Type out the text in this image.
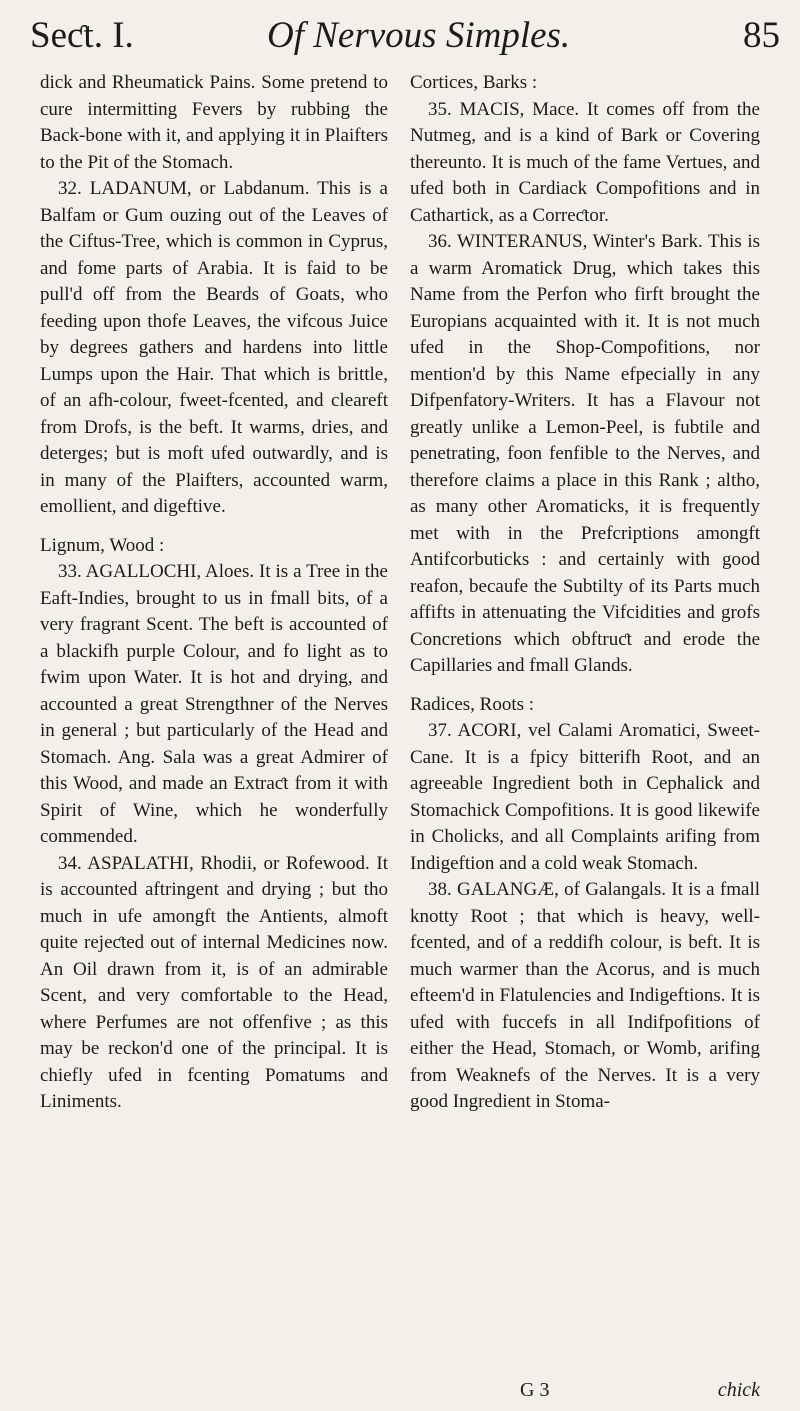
Seƈt. I.	Of Nervous Simples.	85

dick and Rheumatick Pains. Some pretend to cure intermitting Fevers by rubbing the Back-bone with it, and applying it in Plaifters to the Pit of the Stomach.

32. LADANUM, or Labdanum. This is a Balfam or Gum ouzing out of the Leaves of the Ciftus-Tree, which is common in Cyprus, and fome parts of Arabia. It is faid to be pull'd off from the Beards of Goats, who feeding upon thofe Leaves, the vifcous Juice by degrees gathers and hardens into little Lumps upon the Hair. That which is brittle, of an afh-colour, fweet-fcented, and cleareft from Drofs, is the beft. It warms, dries, and deterges; but is moft ufed outwardly, and is in many of the Plaifters, accounted warm, emollient, and digeftive.

Lignum, Wood :

33. AGALLOCHI, Aloes. It is a Tree in the Eaft-Indies, brought to us in fmall bits, of a very fragrant Scent. The beft is accounted of a blackifh purple Colour, and fo light as to fwim upon Water. It is hot and drying, and accounted a great Strengthner of the Nerves in general ; but particularly of the Head and Stomach. Ang. Sala was a great Admirer of this Wood, and made an Extraƈt from it with Spirit of Wine, which he wonderfully commended.

34. ASPALATHI, Rhodii, or Rofewood. It is accounted aftringent and drying ; but tho much in ufe amongft the Antients, almoft quite rejeƈted out of internal Medicines now. An Oil drawn from it, is of an admirable Scent, and very comfortable to the Head, where Perfumes are not offenfive ; as this may be reckon'd one of the principal. It is chiefly ufed in fcenting Pomatums and Liniments.

Cortices, Barks :

35. MACIS, Mace. It comes off from the Nutmeg, and is a kind of Bark or Covering thereunto. It is much of the fame Vertues, and ufed both in Cardiack Compofitions and in Cathartick, as a Correƈtor.

36. WINTERANUS, Winter's Bark. This is a warm Aromatick Drug, which takes this Name from the Perfon who firft brought the Europians acquainted with it. It is not much ufed in the Shop-Compofitions, nor mention'd by this Name efpecially in any Difpenfatory-Writers. It has a Flavour not greatly unlike a Lemon-Peel, is fubtile and penetrating, foon fenfible to the Nerves, and therefore claims a place in this Rank ; altho, as many other Aromaticks, it is frequently met with in the Prefcriptions amongft Antifcorbuticks : and certainly with good reafon, becaufe the Subtilty of its Parts much affifts in attenuating the Vifcidities and grofs Concretions which obftruƈt and erode the Capillaries and fmall Glands.

Radices, Roots :

37. ACORI, vel Calami Aromatici, Sweet-Cane. It is a fpicy bitterifh Root, and an agreeable Ingredient both in Cephalick and Stomachick Compofitions. It is good likewife in Cholicks, and all Complaints arifing from Indigeftion and a cold weak Stomach.

38. GALANGÆ, of Galangals. It is a fmall knotty Root ; that which is heavy, well-fcented, and of a reddifh colour, is beft. It is much warmer than the Acorus, and is much efteem'd in Flatulencies and Indigeftions. It is ufed with fuccefs in all Indifpofitions of either the Head, Stomach, or Womb, arifing from Weaknefs of the Nerves. It is a very good Ingredient in Stoma-

G 3	chick
